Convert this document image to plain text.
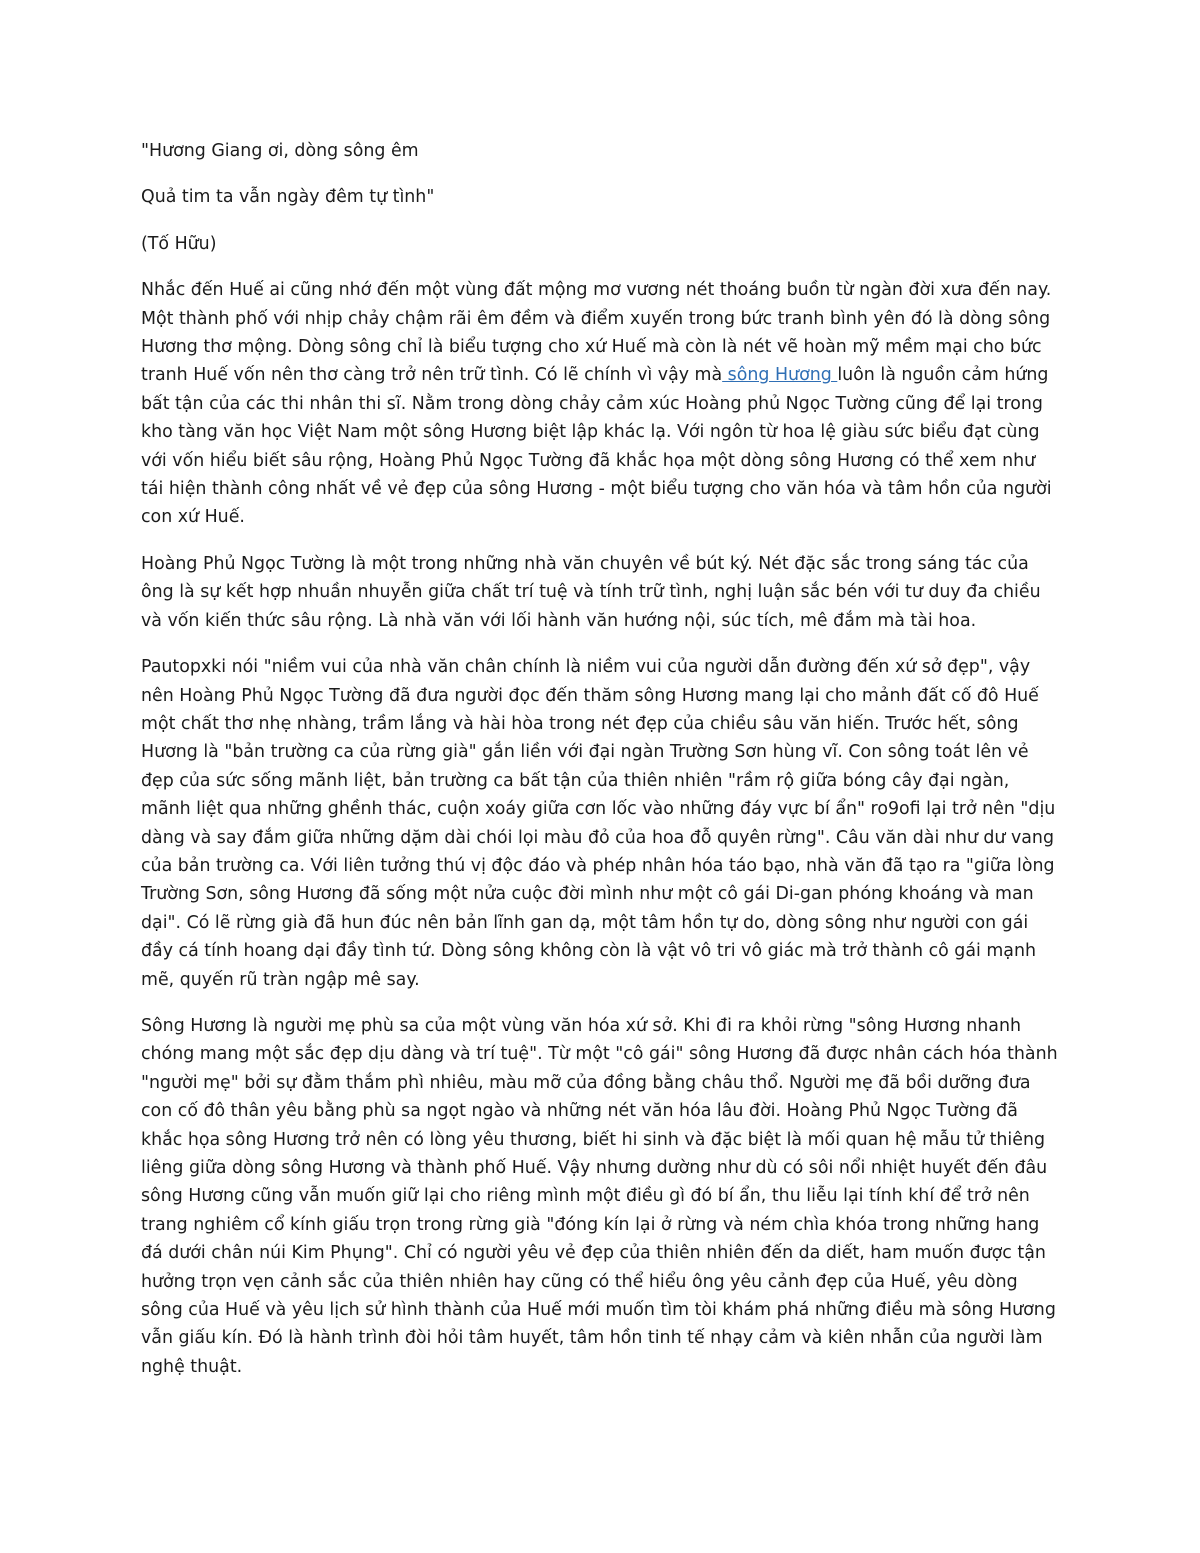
"Hương Giang ơi, dòng sông êm

Quả tim ta vẫn ngày đêm tự tình"

(Tố Hữu)

Nhắc đến Huế ai cũng nhớ đến một vùng đất mộng mơ vương nét thoáng buồn từ ngàn đời xưa đến nay. Một thành phố với nhịp chảy chậm rãi êm đềm và điểm xuyến trong bức tranh bình yên đó là dòng sông Hương thơ mộng. Dòng sông chỉ là biểu tượng cho xứ Huế mà còn là nét vẽ hoàn mỹ mềm mại cho bức tranh Huế vốn nên thơ càng trở nên trữ tình. Có lẽ chính vì vậy mà sông Hương luôn là nguồn cảm hứng bất tận của các thi nhân thi sĩ. Nằm trong dòng chảy cảm xúc Hoàng phủ Ngọc Tường cũng để lại trong kho tàng văn học Việt Nam một sông Hương biệt lập khác lạ. Với ngôn từ hoa lệ giàu sức biểu đạt cùng với vốn hiểu biết sâu rộng, Hoàng Phủ Ngọc Tường đã khắc họa một dòng sông Hương có thể xem như tái hiện thành công nhất về vẻ đẹp của sông Hương - một biểu tượng cho văn hóa và tâm hồn của người con xứ Huế.

Hoàng Phủ Ngọc Tường là một trong những nhà văn chuyên về bút ký. Nét đặc sắc trong sáng tác của ông là sự kết hợp nhuần nhuyễn giữa chất trí tuệ và tính trữ tình, nghị luận sắc bén với tư duy đa chiều và vốn kiến thức sâu rộng. Là nhà văn với lối hành văn hướng nội, súc tích, mê đắm mà tài hoa.

Pautopxki nói "niềm vui của nhà văn chân chính là niềm vui của người dẫn đường đến xứ sở đẹp", vậy nên Hoàng Phủ Ngọc Tường đã đưa người đọc đến thăm sông Hương mang lại cho mảnh đất cố đô Huế một chất thơ nhẹ nhàng, trầm lắng và hài hòa trong nét đẹp của chiều sâu văn hiến. Trước hết, sông Hương là "bản trường ca của rừng già" gắn liền với đại ngàn Trường Sơn hùng vĩ. Con sông toát lên vẻ đẹp của sức sống mãnh liệt, bản trường ca bất tận của thiên nhiên "rầm rộ giữa bóng cây đại ngàn, mãnh liệt qua những ghềnh thác, cuộn xoáy giữa cơn lốc vào những đáy vực bí ẩn" ro9ofi lại trở nên "dịu dàng và say đắm giữa những dặm dài chói lọi màu đỏ của hoa đỗ quyên rừng". Câu văn dài như dư vang của bản trường ca. Với liên tưởng thú vị độc đáo và phép nhân hóa táo bạo, nhà văn đã tạo ra "giữa lòng Trường Sơn, sông Hương đã sống một nửa cuộc đời mình như một cô gái Di-gan phóng khoáng và man dại". Có lẽ rừng già đã hun đúc nên bản lĩnh gan dạ, một tâm hồn tự do, dòng sông như người con gái đầy cá tính hoang dại đầy tình tứ. Dòng sông không còn là vật vô tri vô giác mà trở thành cô gái mạnh mẽ, quyến rũ tràn ngập mê say.

Sông Hương là người mẹ phù sa của một vùng văn hóa xứ sở. Khi đi ra khỏi rừng "sông Hương nhanh chóng mang một sắc đẹp dịu dàng và trí tuệ". Từ một "cô gái" sông Hương đã được nhân cách hóa thành "người mẹ" bởi sự đằm thắm phì nhiêu, màu mỡ của đồng bằng châu thổ. Người mẹ đã bồi dưỡng đưa con cố đô thân yêu bằng phù sa ngọt ngào và những nét văn hóa lâu đời. Hoàng Phủ Ngọc Tường đã khắc họa sông Hương trở nên có lòng yêu thương, biết hi sinh và đặc biệt là mối quan hệ mẫu tử thiêng liêng giữa dòng sông Hương và thành phố Huế. Vậy nhưng dường như dù có sôi nổi nhiệt huyết đến đâu sông Hương cũng vẫn muốn giữ lại cho riêng mình một điều gì đó bí ẩn, thu liễu lại tính khí để trở nên trang nghiêm cổ kính giấu trọn trong rừng già "đóng kín lại ở rừng và ném chìa khóa trong những hang đá dưới chân núi Kim Phụng". Chỉ có người yêu vẻ đẹp của thiên nhiên đến da diết, ham muốn được tận hưởng trọn vẹn cảnh sắc của thiên nhiên hay cũng có thể hiểu ông yêu cảnh đẹp của Huế, yêu dòng sông của Huế và yêu lịch sử hình thành của Huế mới muốn tìm tòi khám phá những điều mà sông Hương vẫn giấu kín. Đó là hành trình đòi hỏi tâm huyết, tâm hồn tinh tế nhạy cảm và kiên nhẫn của người làm nghệ thuật.
